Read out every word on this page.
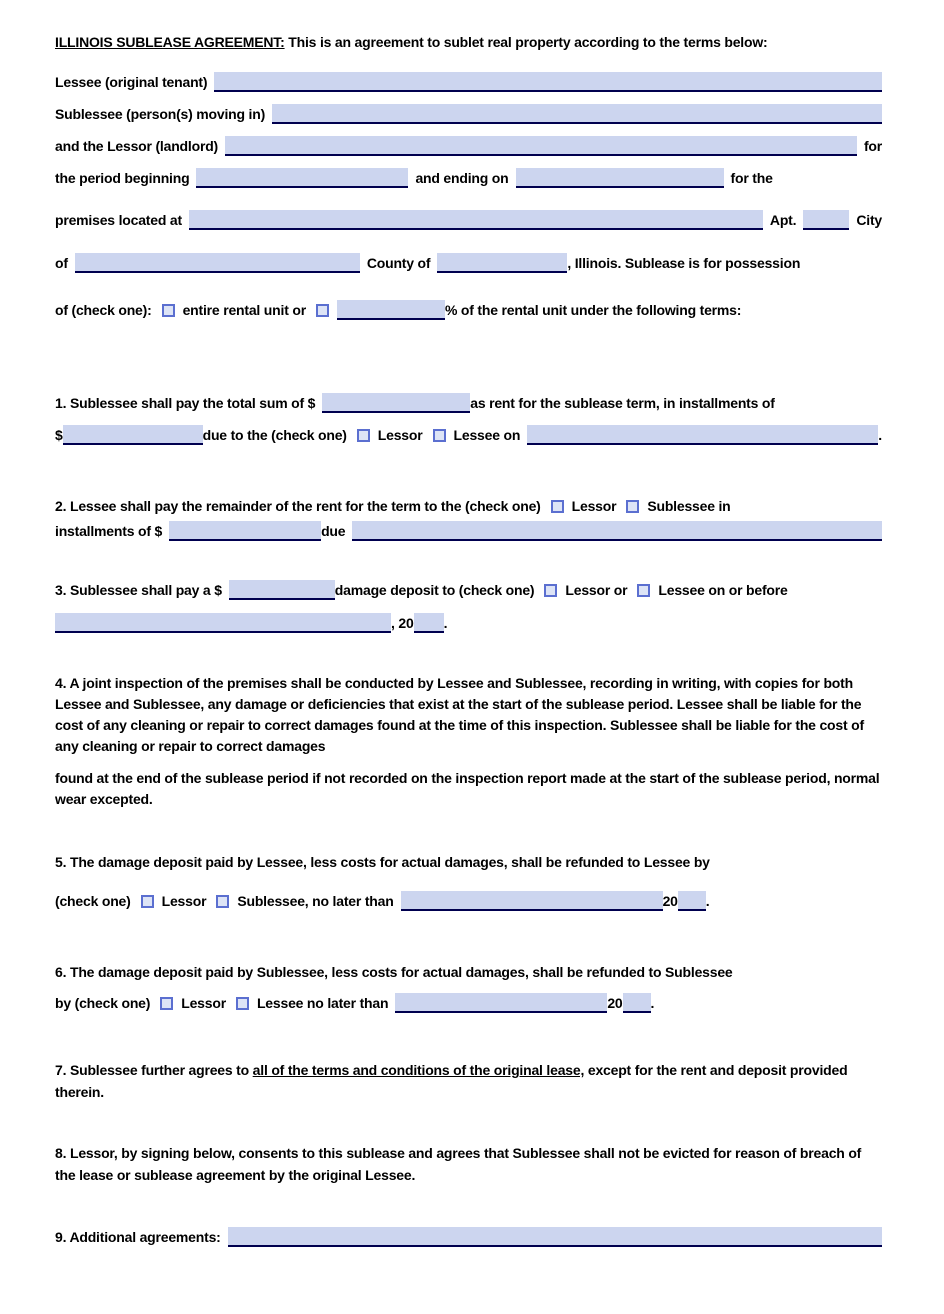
ILLINOIS SUBLEASE AGREEMENT: This is an agreement to sublet real property according to the terms below:

Lessee (original tenant)
Sublessee (person(s) moving in)
and the Lessor (landlord)	for
the period beginning	and ending on	for the
premises located at	Apt.	City
of	County of	, Illinois. Sublease is for possession
of (check one): entire rental unit or	% of the rental unit under the following terms:
1. Sublessee shall pay the total sum of $	as rent for the sublease term, in installments of
$	due to the (check one) Lessor Lessee on	.
2. Lessee shall pay the remainder of the rent for the term to the (check one) Lessor Sublessee in
installments of $	due
3. Sublessee shall pay a $	damage deposit to (check one) Lessor or Lessee on or before
, 20 .

4. A joint inspection of the premises shall be conducted by Lessee and Sublessee, recording in writing, with copies for both Lessee and Sublessee, any damage or deficiencies that exist at the start of the sublease period. Lessee shall be liable for the cost of any cleaning or repair to correct damages found at the time of this inspection. Sublessee shall be liable for the cost of any cleaning or repair to correct damages

found at the end of the sublease period if not recorded on the inspection report made at the start of the sublease period, normal wear excepted.

5. The damage deposit paid by Lessee, less costs for actual damages, shall be refunded to Lessee by

(check one) Lessor Sublessee, no later than	20 .

6. The damage deposit paid by Sublessee, less costs for actual damages, shall be refunded to Sublessee

by (check one) Lessor Lessee no later than	20 .

7. Sublessee further agrees to all of the terms and conditions of the original lease, except for the rent and deposit provided therein.

8. Lessor, by signing below, consents to this sublease and agrees that Sublessee shall not be evicted for reason of breach of the lease or sublease agreement by the original Lessee.

9. Additional agreements:
